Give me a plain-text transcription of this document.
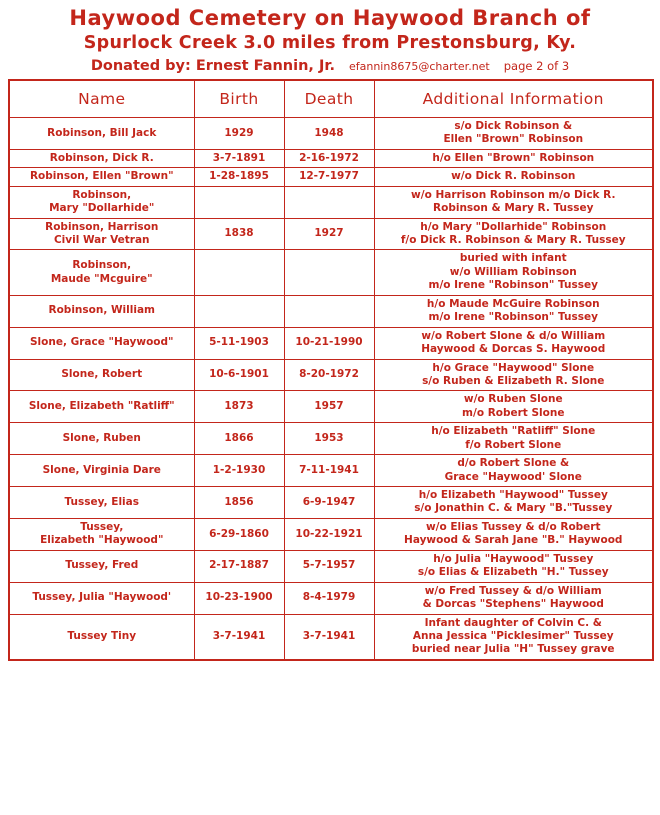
Haywood Cemetery on Haywood Branch of
Spurlock Creek 3.0 miles from Prestonsburg, Ky.
Donated by: Ernest Fannin, Jr. efannin8675@charter.net page 2 of 3
Name	Birth	Death	Additional Information

Robinson, Bill Jack	1929	1948	s/o Dick Robinson &
Ellen "Brown" Robinson

Robinson, Dick R.	3-7-1891	2-16-1972	h/o Ellen "Brown" Robinson

Robinson, Ellen "Brown"	1-28-1895	12-7-1977	w/o Dick R. Robinson

Robinson,
Mary "Dollarhide"			w/o Harrison Robinson m/o Dick R.
Robinson & Mary R. Tussey

Robinson, Harrison
Civil War Vetran	1838	1927	h/o Mary "Dollarhide" Robinson
f/o Dick R. Robinson & Mary R. Tussey

Robinson,
Maude "Mcguire"			buried with infant
w/o William Robinson
m/o Irene "Robinson" Tussey

Robinson, William			h/o Maude McGuire Robinson
m/o Irene "Robinson" Tussey

Slone, Grace "Haywood"	5-11-1903	10-21-1990	w/o Robert Slone & d/o William
Haywood & Dorcas S. Haywood

Slone, Robert	10-6-1901	8-20-1972	h/o Grace "Haywood" Slone
s/o Ruben & Elizabeth R. Slone

Slone, Elizabeth "Ratliff"	1873	1957	w/o Ruben Slone
m/o Robert Slone

Slone, Ruben	1866	1953	h/o Elizabeth "Ratliff" Slone
f/o Robert Slone

Slone, Virginia Dare	1-2-1930	7-11-1941	d/o Robert Slone &
Grace "Haywood' Slone

Tussey, Elias	1856	6-9-1947	h/o Elizabeth "Haywood" Tussey
s/o Jonathin C. & Mary "B."Tussey

Tussey,
Elizabeth "Haywood"	6-29-1860	10-22-1921	w/o Elias Tussey & d/o Robert
Haywood & Sarah Jane "B." Haywood

Tussey, Fred	2-17-1887	5-7-1957	h/o Julia "Haywood" Tussey
s/o Elias & Elizabeth "H." Tussey

Tussey, Julia "Haywood'	10-23-1900	8-4-1979	w/o Fred Tussey & d/o William
& Dorcas "Stephens" Haywood

Tussey Tiny	3-7-1941	3-7-1941	Infant daughter of Colvin C. &
Anna Jessica "Picklesimer" Tussey
buried near Julia "H" Tussey grave
